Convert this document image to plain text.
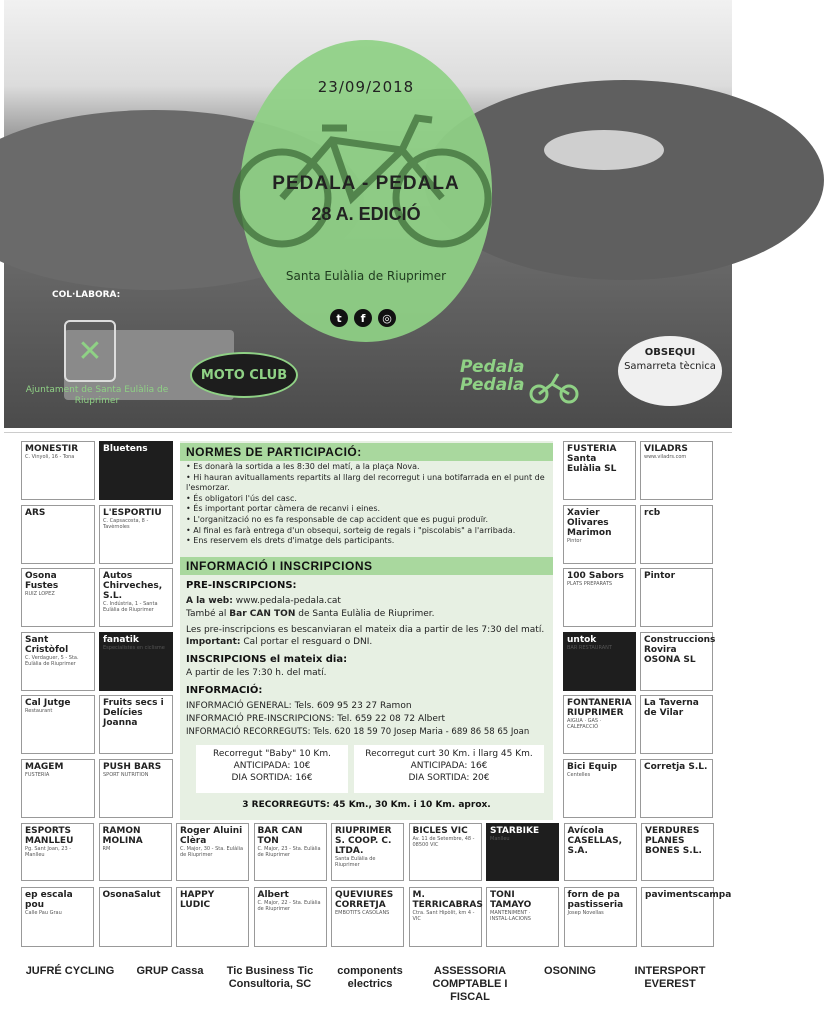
23/09/2018
PEDALA - PEDALA
28 A. EDICIÓ
Santa Eulàlia de Riuprimer
t	f	◎
COL·LABORA:
✕
Ajuntament de Santa Eulàlia de Riuprimer
MOTO CLUB	Pedala
Pedala
OBSEQUI
Samarreta tècnica
MONESTIR
C. Vinyoli, 16 - Tona
Bluetens
ARS	L'ESPORTIU
C. Capsacosta, 8 - Tavèrnoles
Osona Fustes
RUIZ LOPEZ
Autos Chirveches, S.L.
C. Indústria, 1 - Santa Eulàlia de Riuprimer
Sant Cristòfol
C. Verdaguer, 5 - Sta. Eulàlia de Riuprimer
fanatik
Especialistes en ciclisme
Cal Jutge
Restaurant
Fruits secs i Delícies Joanna
MAGEM
FUSTERIA
PUSH BARS
SPORT NUTRITION
FUSTERIA Santa Eulàlia SL
VILADRS
www.viladrs.com
Xavier Olivares Marimon
Pintor
rcb
100 Sabors
PLATS PREPARATS
Pintor
untok
BAR RESTAURANT
Construccions Rovira OSONA SL
FONTANERIA RIUPRIMER
AIGUA · GAS · CALEFACCIÓ
La Taverna de Vilar
Bici Equip
Centelles
Corretja S.L.
NORMES DE PARTICIPACIÓ:
• Es donarà la sortida a les 8:30 del matí, a la plaça Nova.
• Hi hauran avituallaments repartits al llarg del recorregut i una botifarrada en el punt de l'esmorzar.
• És obligatori l'ús del casc.
• És important portar càmera de recanvi i eines.
• L'organització no es fa responsable de cap accident que es pugui produïr.
• Al final es farà entrega d'un obsequi, sorteig de regals i "piscolabis" a l'arribada.
• Ens reservem els drets d'imatge dels participants.
INFORMACIÓ I INSCRIPCIONS
PRE-INSCRIPCIONS:
A la web: www.pedala-pedala.cat
També al Bar CAN TON de Santa Eulàlia de Riuprimer.
Les pre-inscripcions es bescanviaran el mateix dia a partir de les 7:30 del matí.
Important: Cal portar el resguard o DNI.
INSCRIPCIONS el mateix dia:
A partir de les 7:30 h. del matí.
INFORMACIÓ:
INFORMACIÓ GENERAL: Tels. 609 95 23 27 Ramon
INFORMACIÓ PRE-INSCRIPCIONS: Tel. 659 22 08 72 Albert
INFORMACIÓ RECORREGUTS: Tels. 620 18 59 70 Josep Maria - 689 86 58 65 Joan
Recorregut "Baby" 10 Km.
ANTICIPADA: 10€
DIA SORTIDA: 16€
Recorregut curt 30 Km. i llarg 45 Km.
ANTICIPADA: 16€
DIA SORTIDA: 20€
3 RECORREGUTS: 45 Km., 30 Km. i 10 Km. aprox.
ESPORTS MANLLEU
Pg. Sant Joan, 23 - Manlleu
RAMON MOLINA
RM
Roger Aluini Clèra
C. Major, 30 - Sta. Eulàlia de Riuprimer
BAR CAN TON
C. Major, 23 - Sta. Eulàlia de Riuprimer
RIUPRIMER S. COOP. C. LTDA.
Santa Eulàlia de Riuprimer
BICLES VIC
Av. 11 de Setembre, 48 - 08500 VIC
STARBIKE
Manlleu
Avícola CASELLAS, S.A.
VERDURES PLANES BONES S.L.
ep escala pou
Calle Pau Grau
OsonaSalut	HAPPY LUDIC
Albert
C. Major, 22 - Sta. Eulàlia de Riuprimer
QUEVIURES CORRETJA
EMBOTITS CASOLANS
M. TERRICABRAS
Ctra. Sant Hipòlit, km 4 - VIC
TONI TAMAYO
MANTENIMENT · INSTAL·LACIONS
forn de pa pastisseria
Josep Novellas
pavimentscampa
JUFRÉ CYCLING	GRUP Cassa	Tic Business Tic Consultoria, SC
components electrics
ASSESSORIA COMPTABLE I FISCAL
OSONING	INTERSPORT EVEREST
